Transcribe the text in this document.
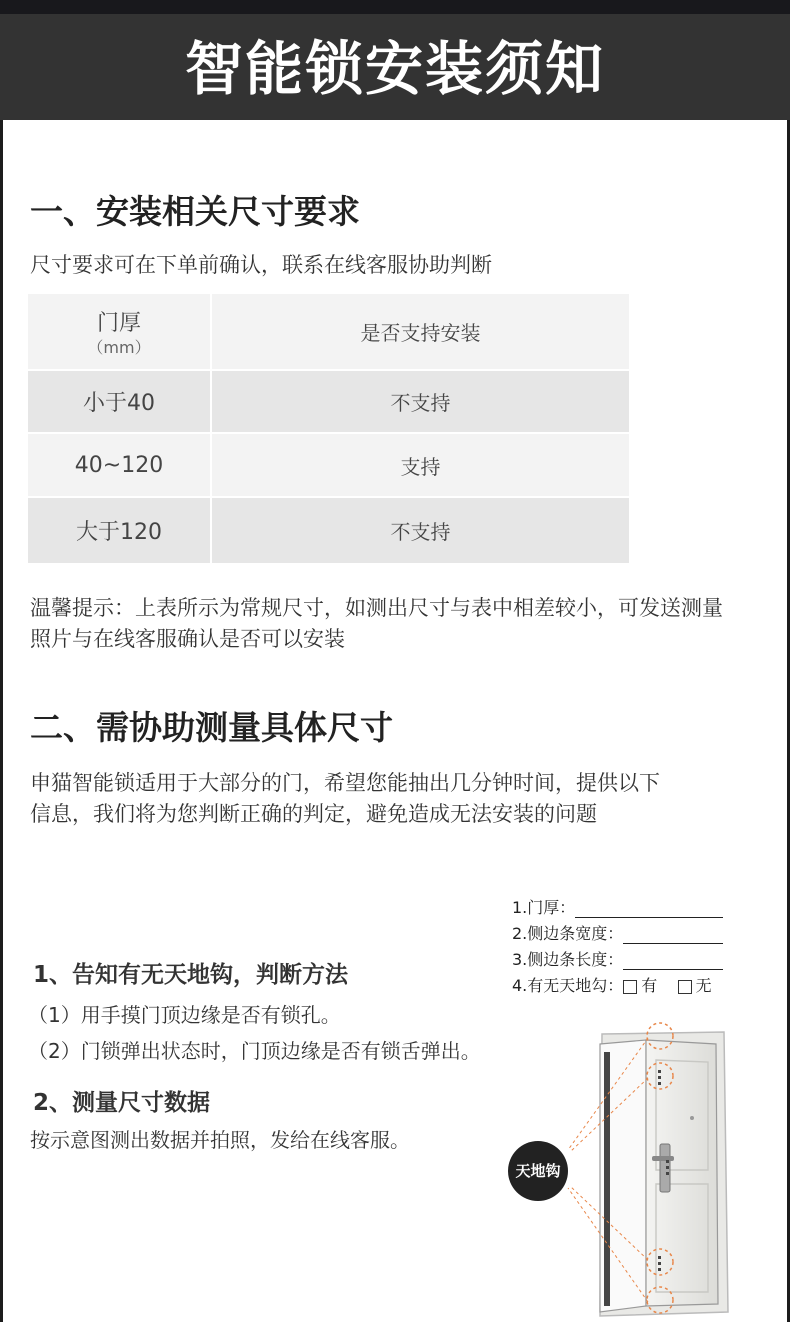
智能锁安装须知
一、安装相关尺寸要求
尺寸要求可在下单前确认，联系在线客服协助判断
门厚
（mm）	是否支持安装
小于40	不支持
40~120	支持
大于120	不支持
温馨提示：上表所示为常规尺寸，如测出尺寸与表中相差较小，可发送测量
照片与在线客服确认是否可以安装
二、需协助测量具体尺寸
申猫智能锁适用于大部分的门，希望您能抽出几分钟时间，提供以下
信息，我们将为您判断正确的判定，避免造成无法安装的问题
1.门厚：
2.侧边条宽度：
3.侧边条长度：
4.有无天地勾： 有 无
1、告知有无天地钩，判断方法
（1）用手摸门顶边缘是否有锁孔。
（2）门锁弹出状态时，门顶边缘是否有锁舌弹出。
2、测量尺寸数据
按示意图测出数据并拍照，发给在线客服。
天地钩
